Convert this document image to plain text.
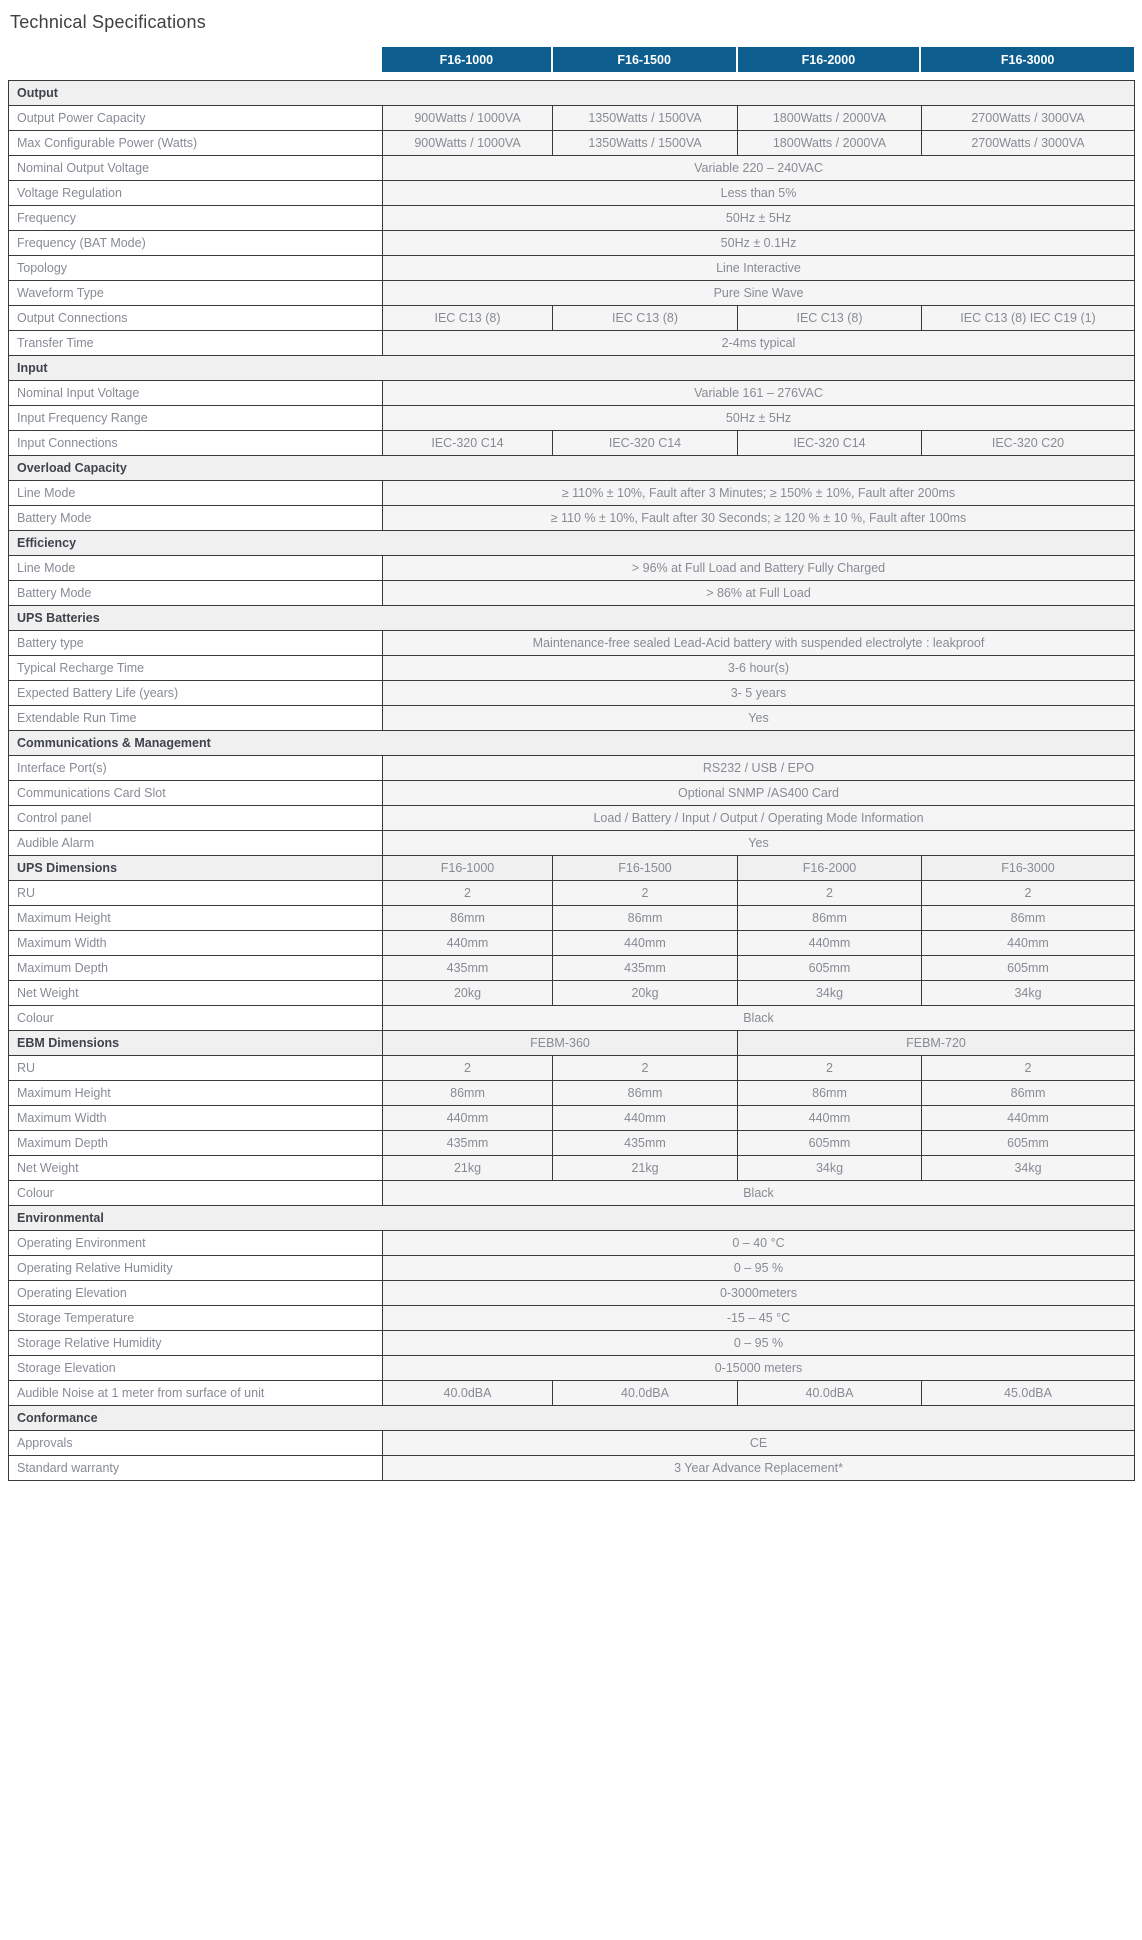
Technical Specifications
F16-1000	F16-1500	F16-2000	F16-3000
Output				
Output Power Capacity	900Watts / 1000VA	1350Watts / 1500VA	1800Watts / 2000VA	2700Watts / 3000VA
Max Configurable Power (Watts)	900Watts / 1000VA	1350Watts / 1500VA	1800Watts / 2000VA	2700Watts / 3000VA
Nominal Output Voltage	Variable 220 – 240VAC			
Voltage Regulation	Less than 5%			
Frequency	50Hz ± 5Hz			
Frequency (BAT Mode)	50Hz ± 0.1Hz			
Topology	Line Interactive			
Waveform Type	Pure Sine Wave			
Output Connections	IEC C13 (8)	IEC C13 (8)	IEC C13 (8)	IEC C13 (8) IEC C19 (1)
Transfer Time	2-4ms typical			
Input				
Nominal Input Voltage	Variable 161 – 276VAC			
Input Frequency Range	50Hz ± 5Hz			
Input Connections	IEC-320 C14	IEC-320 C14	IEC-320 C14	IEC-320 C20
Overload Capacity				
Line Mode	≥ 110% ± 10%, Fault after 3 Minutes; ≥ 150% ± 10%, Fault after 200ms			
Battery Mode	≥ 110 % ± 10%, Fault after 30 Seconds; ≥ 120 % ± 10 %, Fault after 100ms			
Efficiency				
Line Mode	> 96% at Full Load and Battery Fully Charged			
Battery Mode	> 86% at Full Load			
UPS Batteries				
Battery type	Maintenance-free sealed Lead-Acid battery with suspended electrolyte : leakproof			
Typical Recharge Time	3-6 hour(s)			
Expected Battery Life (years)	3- 5 years			
Extendable Run Time	Yes			
Communications & Management				
Interface Port(s)	RS232 / USB / EPO			
Communications Card Slot	Optional SNMP /AS400 Card			
Control panel	Load / Battery / Input / Output / Operating Mode Information			
Audible Alarm	Yes			
UPS Dimensions	F16-1000	F16-1500	F16-2000	F16-3000
RU	2	2	2	2
Maximum Height	86mm	86mm	86mm	86mm
Maximum Width	440mm	440mm	440mm	440mm
Maximum Depth	435mm	435mm	605mm	605mm
Net Weight	20kg	20kg	34kg	34kg
Colour	Black			
EBM Dimensions	FEBM-360		FEBM-720	
RU	2	2	2	2
Maximum Height	86mm	86mm	86mm	86mm
Maximum Width	440mm	440mm	440mm	440mm
Maximum Depth	435mm	435mm	605mm	605mm
Net Weight	21kg	21kg	34kg	34kg
Colour	Black			
Environmental				
Operating Environment	0 – 40 °C			
Operating Relative Humidity	0 – 95 %			
Operating Elevation	0-3000meters			
Storage Temperature	-15 – 45 °C			
Storage Relative Humidity	0 – 95 %			
Storage Elevation	0-15000 meters			
Audible Noise at 1 meter from surface of unit	40.0dBA	40.0dBA	40.0dBA	45.0dBA
Conformance				
Approvals	CE			
Standard warranty	3 Year Advance Replacement*			
